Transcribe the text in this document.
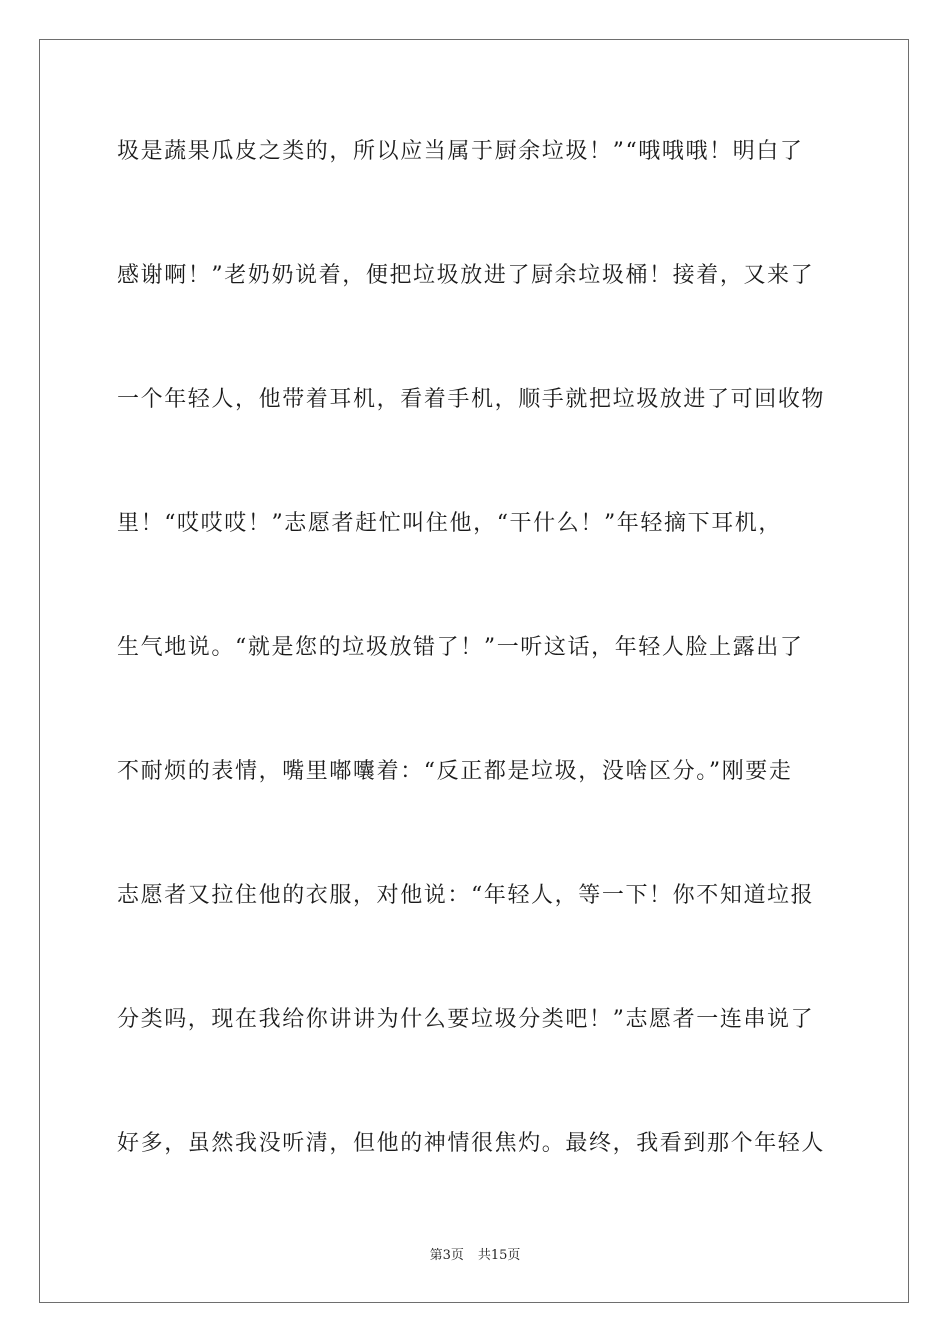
圾是蔬果瓜皮之类的，所以应当属于厨余垃圾！”“哦哦哦！明白了
感谢啊！”老奶奶说着，便把垃圾放进了厨余垃圾桶！接着，又来了
一个年轻人，他带着耳机，看着手机，顺手就把垃圾放进了可回收物
里！“哎哎哎！”志愿者赶忙叫住他，“干什么！”年轻摘下耳机，
生气地说。“就是您的垃圾放错了！”一听这话，年轻人脸上露出了
不耐烦的表情，嘴里嘟囔着：“反正都是垃圾，没啥区分。”刚要走
志愿者又拉住他的衣服，对他说：“年轻人，等一下！你不知道垃报
分类吗，现在我给你讲讲为什么要垃圾分类吧！”志愿者一连串说了
好多，虽然我没听清，但他的神情很焦灼。最终，我看到那个年轻人
第3页 共15页
